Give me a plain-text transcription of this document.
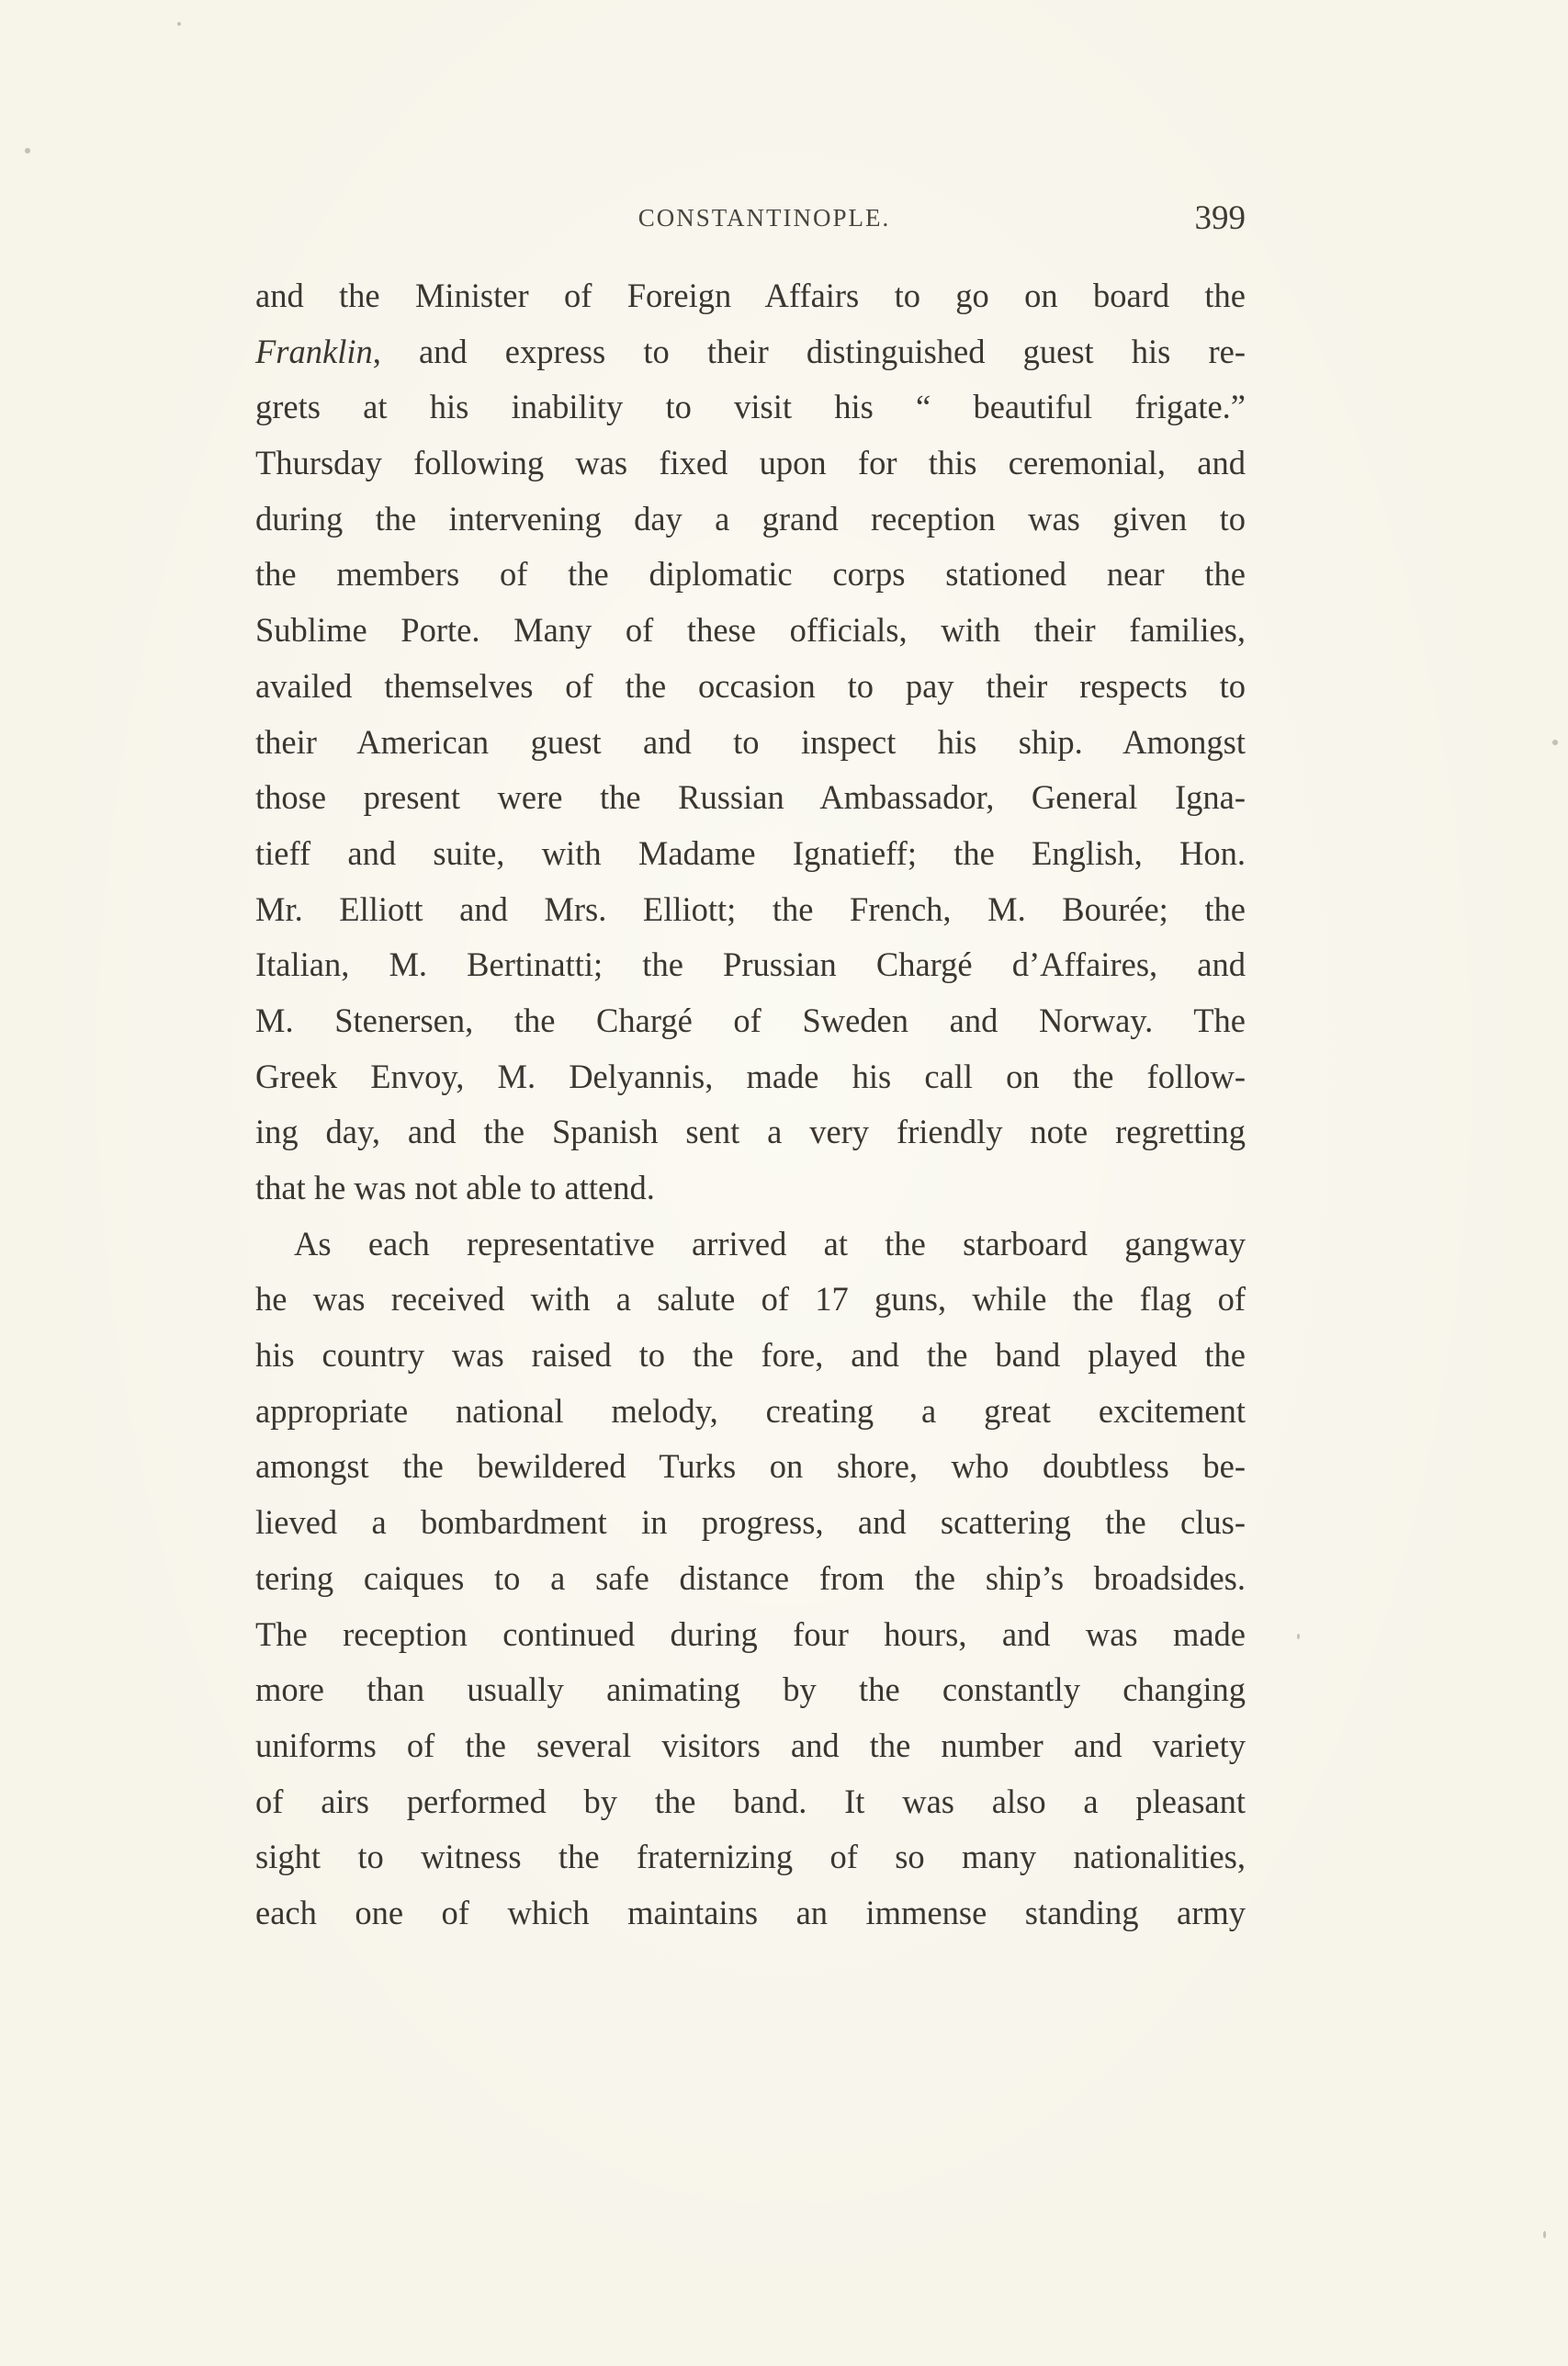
CONSTANTINOPLE.	399
and the Minister of Foreign Affairs to go on board the
Franklin, and express to their distinguished guest his re-
grets at his inability to visit his “ beautiful frigate.”
Thursday following was fixed upon for this ceremonial, and
during the intervening day a grand reception was given to
the members of the diplomatic corps stationed near the
Sublime Porte. Many of these officials, with their families,
availed themselves of the occasion to pay their respects to
their American guest and to inspect his ship. Amongst
those present were the Russian Ambassador, General Igna-
tieff and suite, with Madame Ignatieff; the English, Hon.
Mr. Elliott and Mrs. Elliott; the French, M. Bourée; the
Italian, M. Bertinatti; the Prussian Chargé d’Affaires, and
M. Stenersen, the Chargé of Sweden and Norway. The
Greek Envoy, M. Delyannis, made his call on the follow-
ing day, and the Spanish sent a very friendly note regretting
that he was not able to attend.
As each representative arrived at the starboard gangway
he was received with a salute of 17 guns, while the flag of
his country was raised to the fore, and the band played the
appropriate national melody, creating a great excitement
amongst the bewildered Turks on shore, who doubtless be-
lieved a bombardment in progress, and scattering the clus-
tering caiques to a safe distance from the ship’s broadsides.
The reception continued during four hours, and was made
more than usually animating by the constantly changing
uniforms of the several visitors and the number and variety
of airs performed by the band. It was also a pleasant
sight to witness the fraternizing of so many nationalities,
each one of which maintains an immense standing army
